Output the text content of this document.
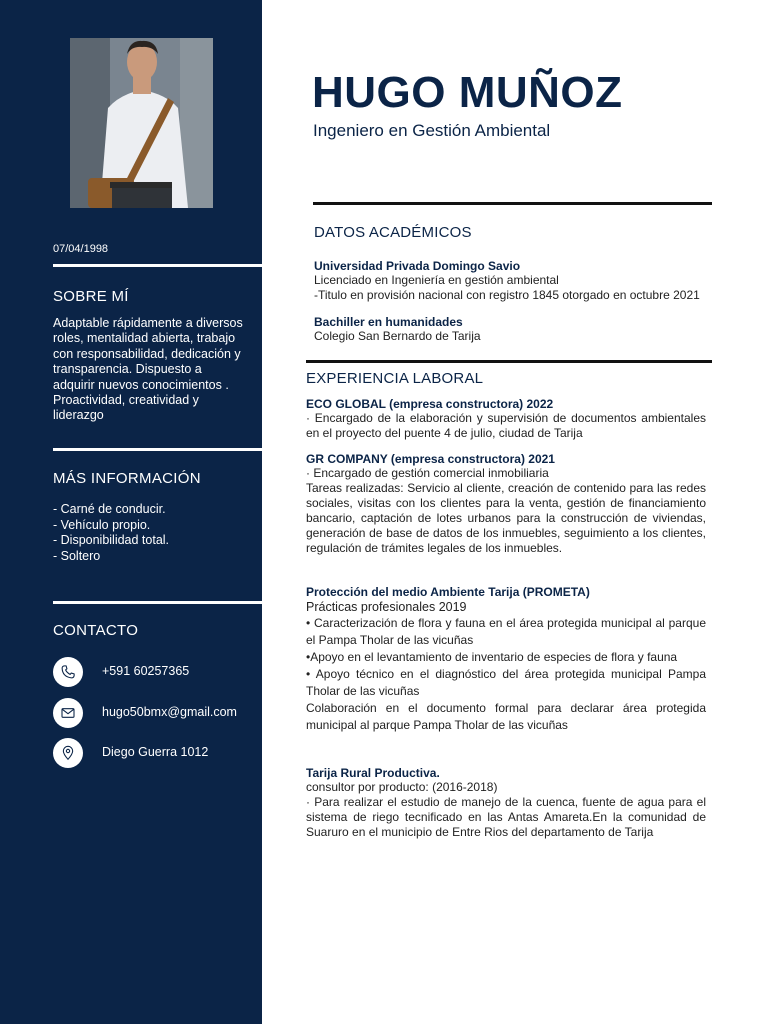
07/04/1998
SOBRE MÍ
Adaptable rápidamente a diversos roles, mentalidad abierta, trabajo con responsabilidad, dedicación y transparencia. Dispuesto a adquirir nuevos conocimientos . Proactividad, creatividad y liderazgo
MÁS INFORMACIÓN
- Carné de conducir.
- Vehículo propio.
- Disponibilidad total.
- Soltero
CONTACTO
+591 60257365
hugo50bmx@gmail.com
Diego Guerra 1012
HUGO MUÑOZ
Ingeniero en Gestión Ambiental
DATOS ACADÉMICOS
Universidad Privada Domingo Savio
Licenciado en Ingeniería en gestión ambiental
-Titulo en provisión nacional con registro 1845 otorgado en octubre 2021
Bachiller en humanidades
Colegio San Bernardo de Tarija
EXPERIENCIA LABORAL
ECO GLOBAL (empresa constructora) 2022
· Encargado de la elaboración y supervisión de documentos ambientales en el proyecto del puente 4 de julio, ciudad de Tarija
GR COMPANY (empresa constructora) 2021
· Encargado de gestión comercial inmobiliaria
Tareas realizadas: Servicio al cliente, creación de contenido para las redes sociales, visitas con los clientes para la venta, gestión de financiamiento bancario, captación de lotes urbanos para la construcción de viviendas, generación de base de datos de los inmuebles, seguimiento a los clientes, regulación de trámites legales de los inmuebles.
Protección del medio Ambiente Tarija (PROMETA)
Prácticas profesionales 2019
• Caracterización de flora y fauna en el área protegida municipal al parque el Pampa Tholar de las vicuñas
•Apoyo en el levantamiento de inventario de especies de flora y fauna
• Apoyo técnico en el diagnóstico del área protegida municipal Pampa Tholar de las vicuñas
Colaboración en el documento formal para declarar área protegida municipal al parque Pampa Tholar de las vicuñas
Tarija Rural Productiva.
consultor por producto: (2016-2018)
· Para realizar el estudio de manejo de la cuenca, fuente de agua para el sistema de riego tecnificado en las Antas Amareta.En la comunidad de Suaruro en el municipio de Entre Rios del departamento de Tarija
